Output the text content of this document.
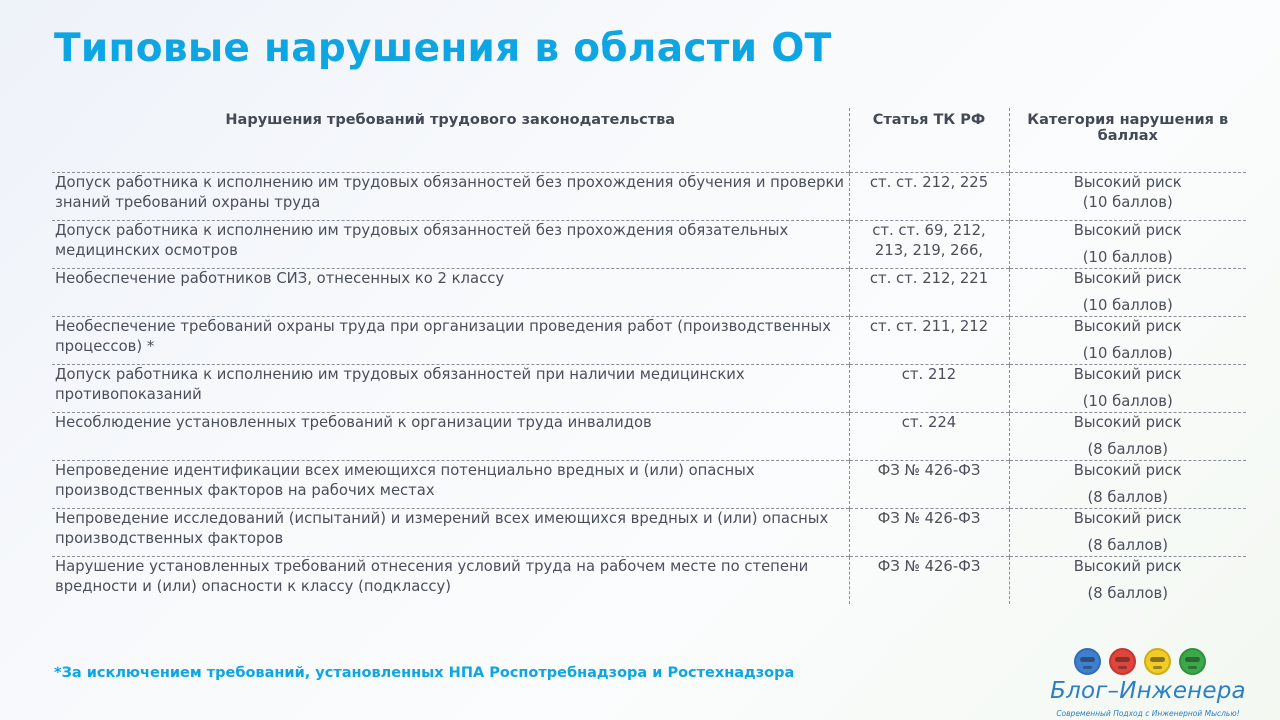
Типовые нарушения в области ОТ
Нарушения требований трудового законодательства	Статья ТК РФ	Категория нарушения в баллах
Допуск работника к исполнению им трудовых обязанностей без прохождения обучения и проверки знаний требований охраны труда	ст. ст. 212, 225	Высокий риск
(10 баллов)

Допуск работника к исполнению им трудовых обязанностей без прохождения обязательных медицинских осмотров	ст. ст. 69, 212, 213, 219, 266,	Высокий риск
(10 баллов)

Необеспечение работников СИЗ, отнесенных ко 2 классу	ст. ст. 212, 221	Высокий риск
(10 баллов)

Необеспечение требований охраны труда при организации проведения работ (производственных процессов) *	ст. ст. 211, 212	Высокий риск
(10 баллов)

Допуск работника к исполнению им трудовых обязанностей при наличии медицинских противопоказаний	ст. 212	Высокий риск
(10 баллов)

Несоблюдение установленных требований к организации труда инвалидов	ст. 224	Высокий риск
(8 баллов)

Непроведение идентификации всех имеющихся потенциально вредных и (или) опасных производственных факторов на рабочих местах	ФЗ № 426-ФЗ	Высокий риск
(8 баллов)

Непроведение исследований (испытаний) и измерений всех имеющихся вредных и (или) опасных производственных факторов	ФЗ № 426-ФЗ	Высокий риск
(8 баллов)

Нарушение установленных требований отнесения условий труда на рабочем месте по степени вредности и (или) опасности к классу (подклассу)	ФЗ № 426-ФЗ	Высокий риск
(8 баллов)
*За исключением требований, установленных НПА Роспотребнадзора и Ростехнадзора
Блог–Инженера
Современный Подход с Инженерной Мыслью!
